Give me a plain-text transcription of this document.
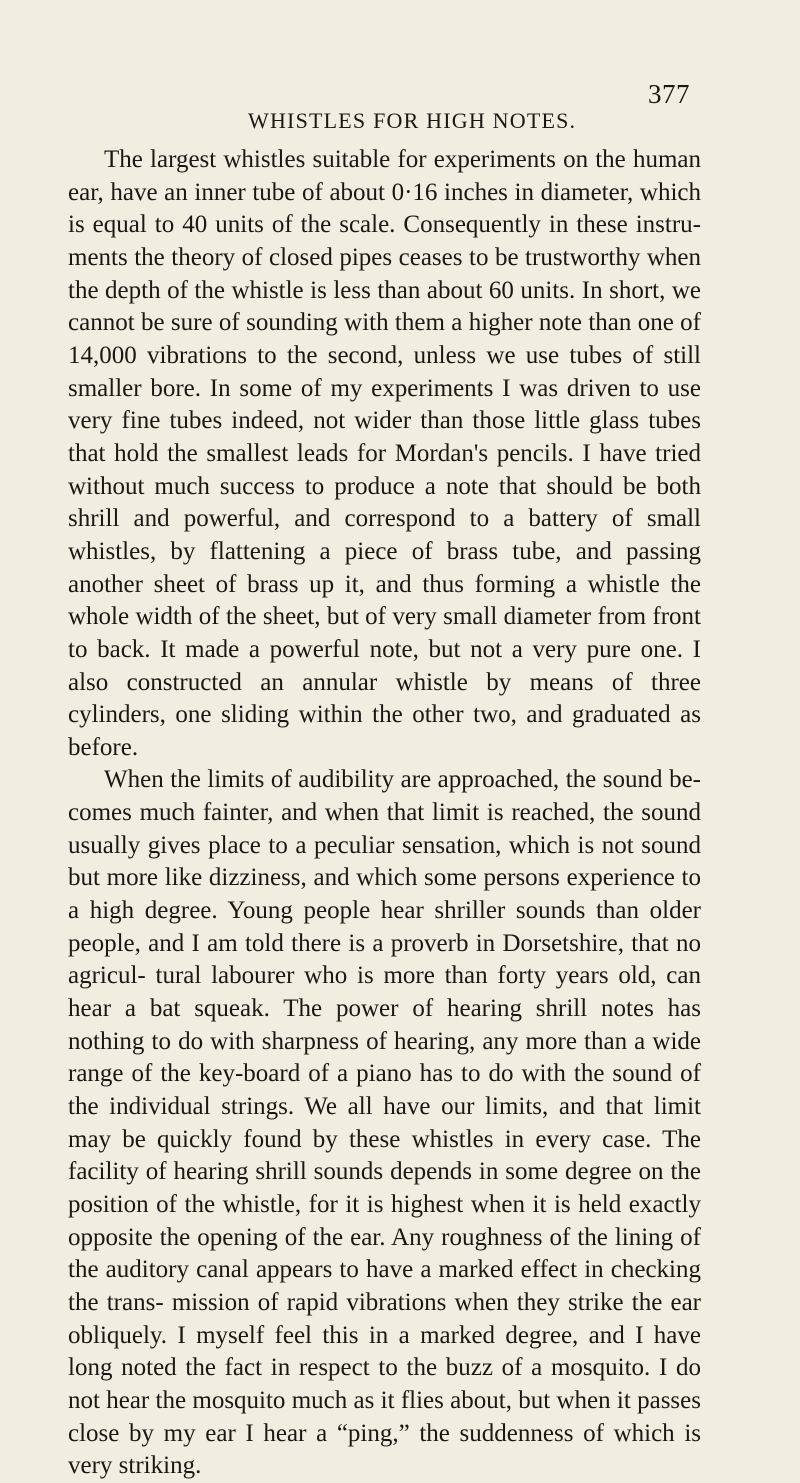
WHISTLES FOR HIGH NOTES.
377

The largest whistles suitable for experiments on the human ear, have an inner tube of about 0·16 inches in diameter, which is equal to 40 units of the scale. Consequently in these instru- ments the theory of closed pipes ceases to be trustworthy when the depth of the whistle is less than about 60 units. In short, we cannot be sure of sounding with them a higher note than one of 14,000 vibrations to the second, unless we use tubes of still smaller bore. In some of my experiments I was driven to use very fine tubes indeed, not wider than those little glass tubes that hold the smallest leads for Mordan's pencils. I have tried without much success to produce a note that should be both shrill and powerful, and correspond to a battery of small whistles, by flattening a piece of brass tube, and passing another sheet of brass up it, and thus forming a whistle the whole width of the sheet, but of very small diameter from front to back. It made a powerful note, but not a very pure one. I also constructed an annular whistle by means of three cylinders, one sliding within the other two, and graduated as before.

When the limits of audibility are approached, the sound be- comes much fainter, and when that limit is reached, the sound usually gives place to a peculiar sensation, which is not sound but more like dizziness, and which some persons experience to a high degree. Young people hear shriller sounds than older people, and I am told there is a proverb in Dorsetshire, that no agricul- tural labourer who is more than forty years old, can hear a bat squeak. The power of hearing shrill notes has nothing to do with sharpness of hearing, any more than a wide range of the key-board of a piano has to do with the sound of the individual strings. We all have our limits, and that limit may be quickly found by these whistles in every case. The facility of hearing shrill sounds depends in some degree on the position of the whistle, for it is highest when it is held exactly opposite the opening of the ear. Any roughness of the lining of the auditory canal appears to have a marked effect in checking the trans- mission of rapid vibrations when they strike the ear obliquely. I myself feel this in a marked degree, and I have long noted the fact in respect to the buzz of a mosquito. I do not hear the mosquito much as it flies about, but when it passes close by my ear I hear a “ping,” the suddenness of which is very striking.
